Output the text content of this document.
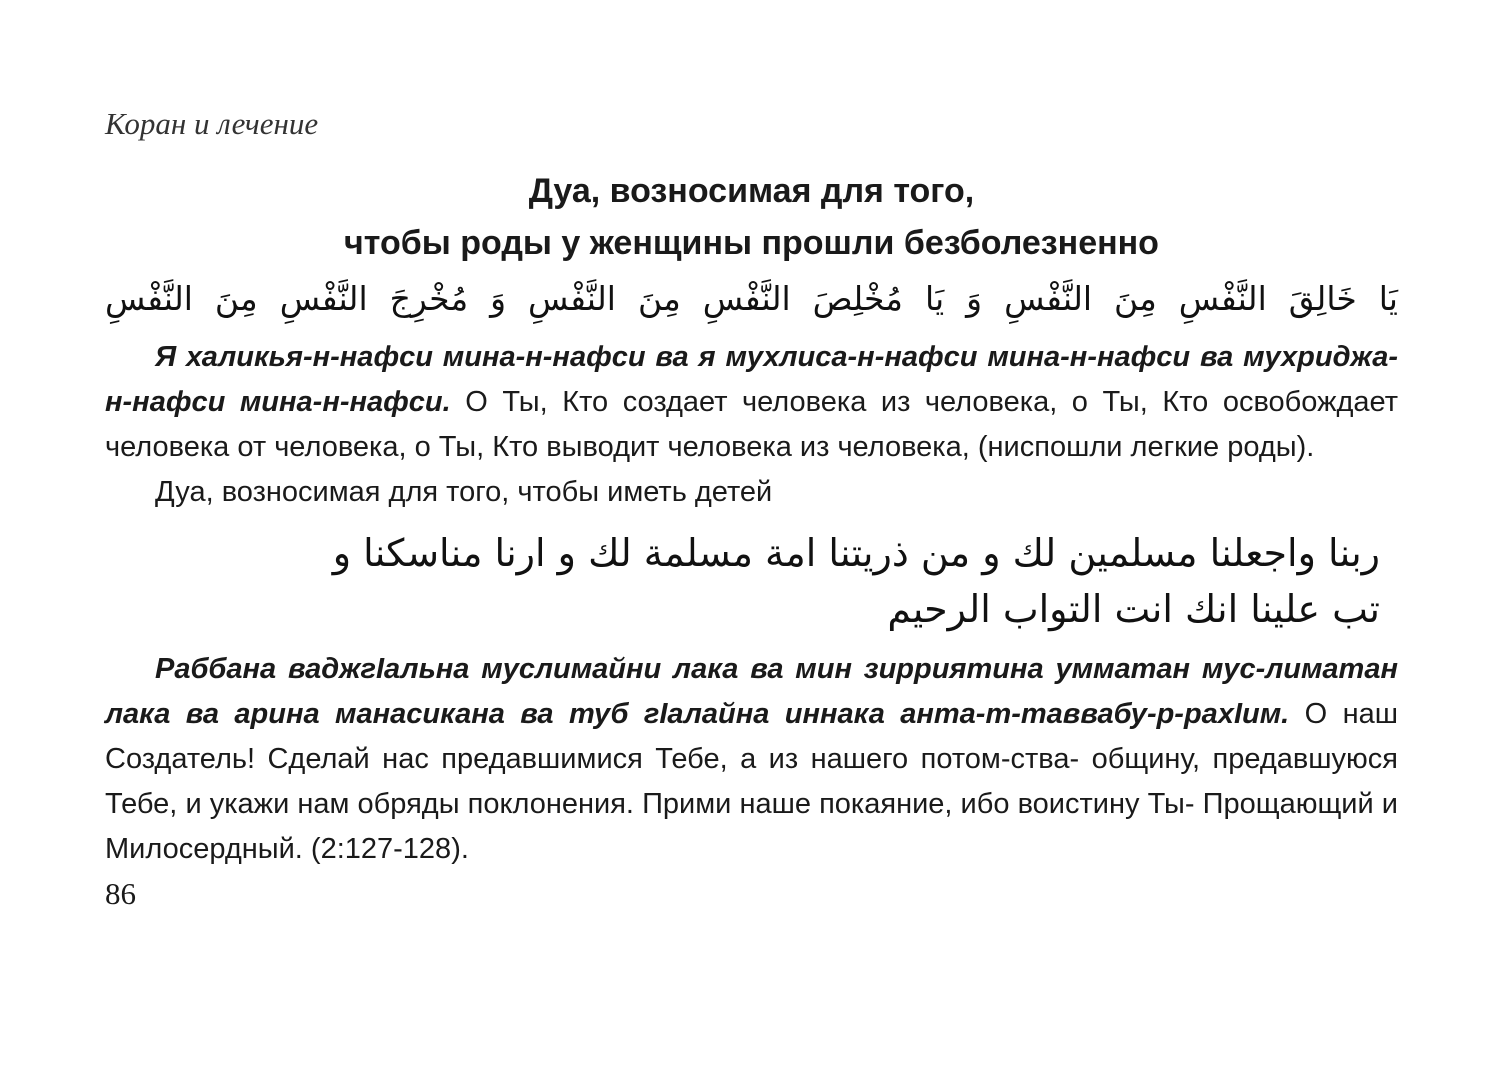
Коран и лечение

Дуа, возносимая для того,
чтобы роды у женщины прошли безболезненно

يَا خَالِقَ النَّفْسِ مِنَ النَّفْسِ وَ يَا مُخْلِصَ النَّفْسِ مِنَ النَّفْسِ وَ مُخْرِجَ النَّفْسِ مِنَ النَّفْسِ

Я халикья-н-нафси мина-н-нафси ва я мухлиса-н-нафси мина-н-нафси ва мухриджа-н-нафси мина-н-нафси. О Ты, Кто создает человека из человека, о Ты, Кто освобождает человека от человека, о Ты, Кто выводит человека из человека, (ниспошли легкие роды).

Дуа, возносимая для того, чтобы иметь детей

ربنا واجعلنا مسلمين لك و من ذريتنا امة مسلمة لك و ارنا مناسكنا و
تب علينا انك انت التواب الرحيم

Раббана ваджгIальна муслимайни лака ва мин зирриятина умматан мус-лиматан лака ва арина манасикана ва туб гIалайна иннака анта-т-таввабу-р-рахIим. О наш Создатель! Сделай нас предавшимися Тебе, а из нашего потом-ства- общину, предавшуюся Тебе, и укажи нам обряды поклонения. Прими наше покаяние, ибо воистину Ты- Прощающий и Милосердный. (2:127-128).

86
